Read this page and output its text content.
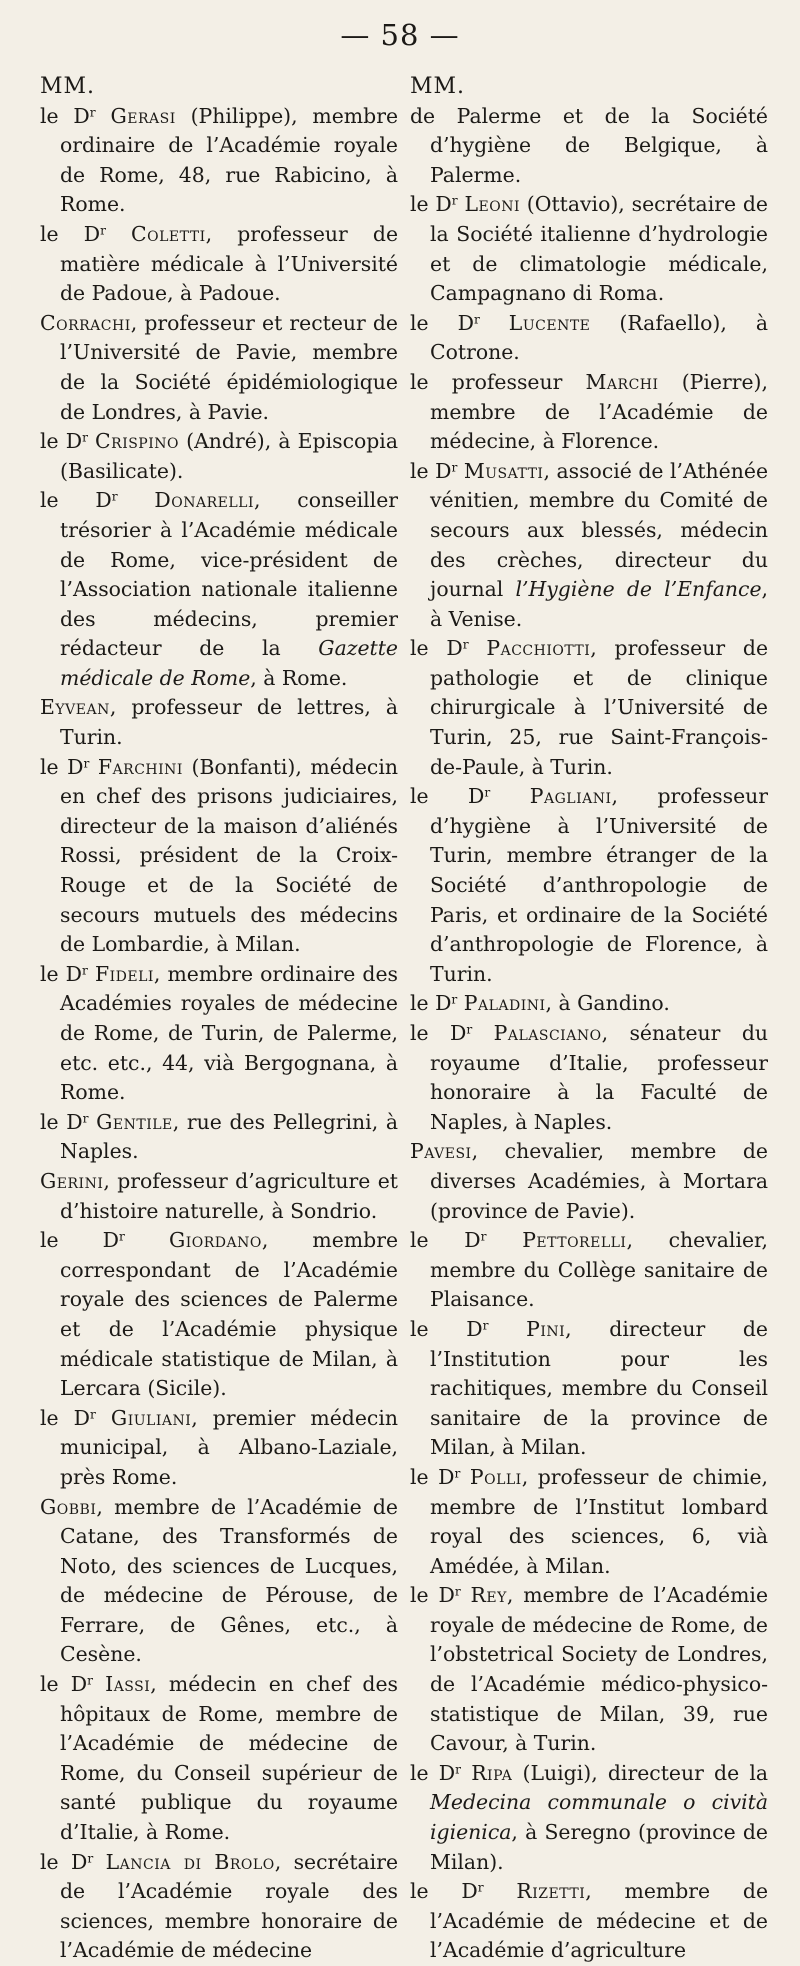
— 58 —
MM.

le $D^r$ Gerasi (Philippe), membre ordinaire de l’Académie royale de Rome, 48, rue Rabicino, à Rome.

le $D^r$ Coletti, professeur de matière médicale à l’Université de Padoue, à Padoue.

Corrachi, professeur et recteur de l’Université de Pavie, membre de la Société épidémiologique de Londres, à Pavie.

le $D^r$ Crispino (André), à Episcopia (Basilicate).

le $D^r$ Donarelli, conseiller trésorier à l’Académie médicale de Rome, vice-président de l’Association nationale italienne des médecins, premier rédacteur de la Gazette médicale de Rome, à Rome.

Eyvean, professeur de lettres, à Turin.

le $D^r$ Farchini (Bonfanti), médecin en chef des prisons judiciaires, directeur de la maison d’aliénés Rossi, président de la Croix-Rouge et de la Société de secours mutuels des médecins de Lombardie, à Milan.

le $D^r$ Fideli, membre ordinaire des Académies royales de médecine de Rome, de Turin, de Palerme, etc. etc., 44, vià Bergognana, à Rome.

le $D^r$ Gentile, rue des Pellegrini, à Naples.

Gerini, professeur d’agriculture et d’histoire naturelle, à Sondrio.

le $D^r$ Giordano, membre correspondant de l’Académie royale des sciences de Palerme et de l’Académie physique médicale statistique de Milan, à Lercara (Sicile).

le $D^r$ Giuliani, premier médecin municipal, à Albano-Laziale, près Rome.

Gobbi, membre de l’Académie de Catane, des Transformés de Noto, des sciences de Lucques, de médecine de Pérouse, de Ferrare, de Gênes, etc., à Cesène.

le $D^r$ Iassi, médecin en chef des hôpitaux de Rome, membre de l’Académie de médecine de Rome, du Conseil supérieur de santé publique du royaume d’Italie, à Rome.

le $D^r$ Lancia di Brolo, secrétaire de l’Académie royale des sciences, membre honoraire de l’Académie de médecine

MM.

de Palerme et de la Société d’hygiène de Belgique, à Palerme.

le $D^r$ Leoni (Ottavio), secrétaire de la Société italienne d’hydrologie et de climatologie médicale, Campagnano di Roma.

le $D^r$ Lucente (Rafaello), à Cotrone.

le professeur Marchi (Pierre), membre de l’Académie de médecine, à Florence.

le $D^r$ Musatti, associé de l’Athénée vénitien, membre du Comité de secours aux blessés, médecin des crèches, directeur du journal l’Hygiène de l’Enfance, à Venise.

le $D^r$ Pacchiotti, professeur de pathologie et de clinique chirurgicale à l’Université de Turin, 25, rue Saint-François-de-Paule, à Turin.

le $D^r$ Pagliani, professeur d’hygiène à l’Université de Turin, membre étranger de la Société d’anthropologie de Paris, et ordinaire de la Société d’anthropologie de Florence, à Turin.

le $D^r$ Paladini, à Gandino.

le $D^r$ Palasciano, sénateur du royaume d’Italie, professeur honoraire à la Faculté de Naples, à Naples.

Pavesi, chevalier, membre de diverses Académies, à Mortara (province de Pavie).

le $D^r$ Pettorelli, chevalier, membre du Collège sanitaire de Plaisance.

le $D^r$ Pini, directeur de l’Institution pour les rachitiques, membre du Conseil sanitaire de la province de Milan, à Milan.

le $D^r$ Polli, professeur de chimie, membre de l’Institut lombard royal des sciences, 6, vià Amédée, à Milan.

le $D^r$ Rey, membre de l’Académie royale de médecine de Rome, de l’obstetrical Society de Londres, de l’Académie médico-physico-statistique de Milan, 39, rue Cavour, à Turin.

le $D^r$ Ripa (Luigi), directeur de la Medecina communale o cività igienica, à Seregno (province de Milan).

le $D^r$ Rizetti, membre de l’Académie de médecine et de l’Académie d’agriculture
